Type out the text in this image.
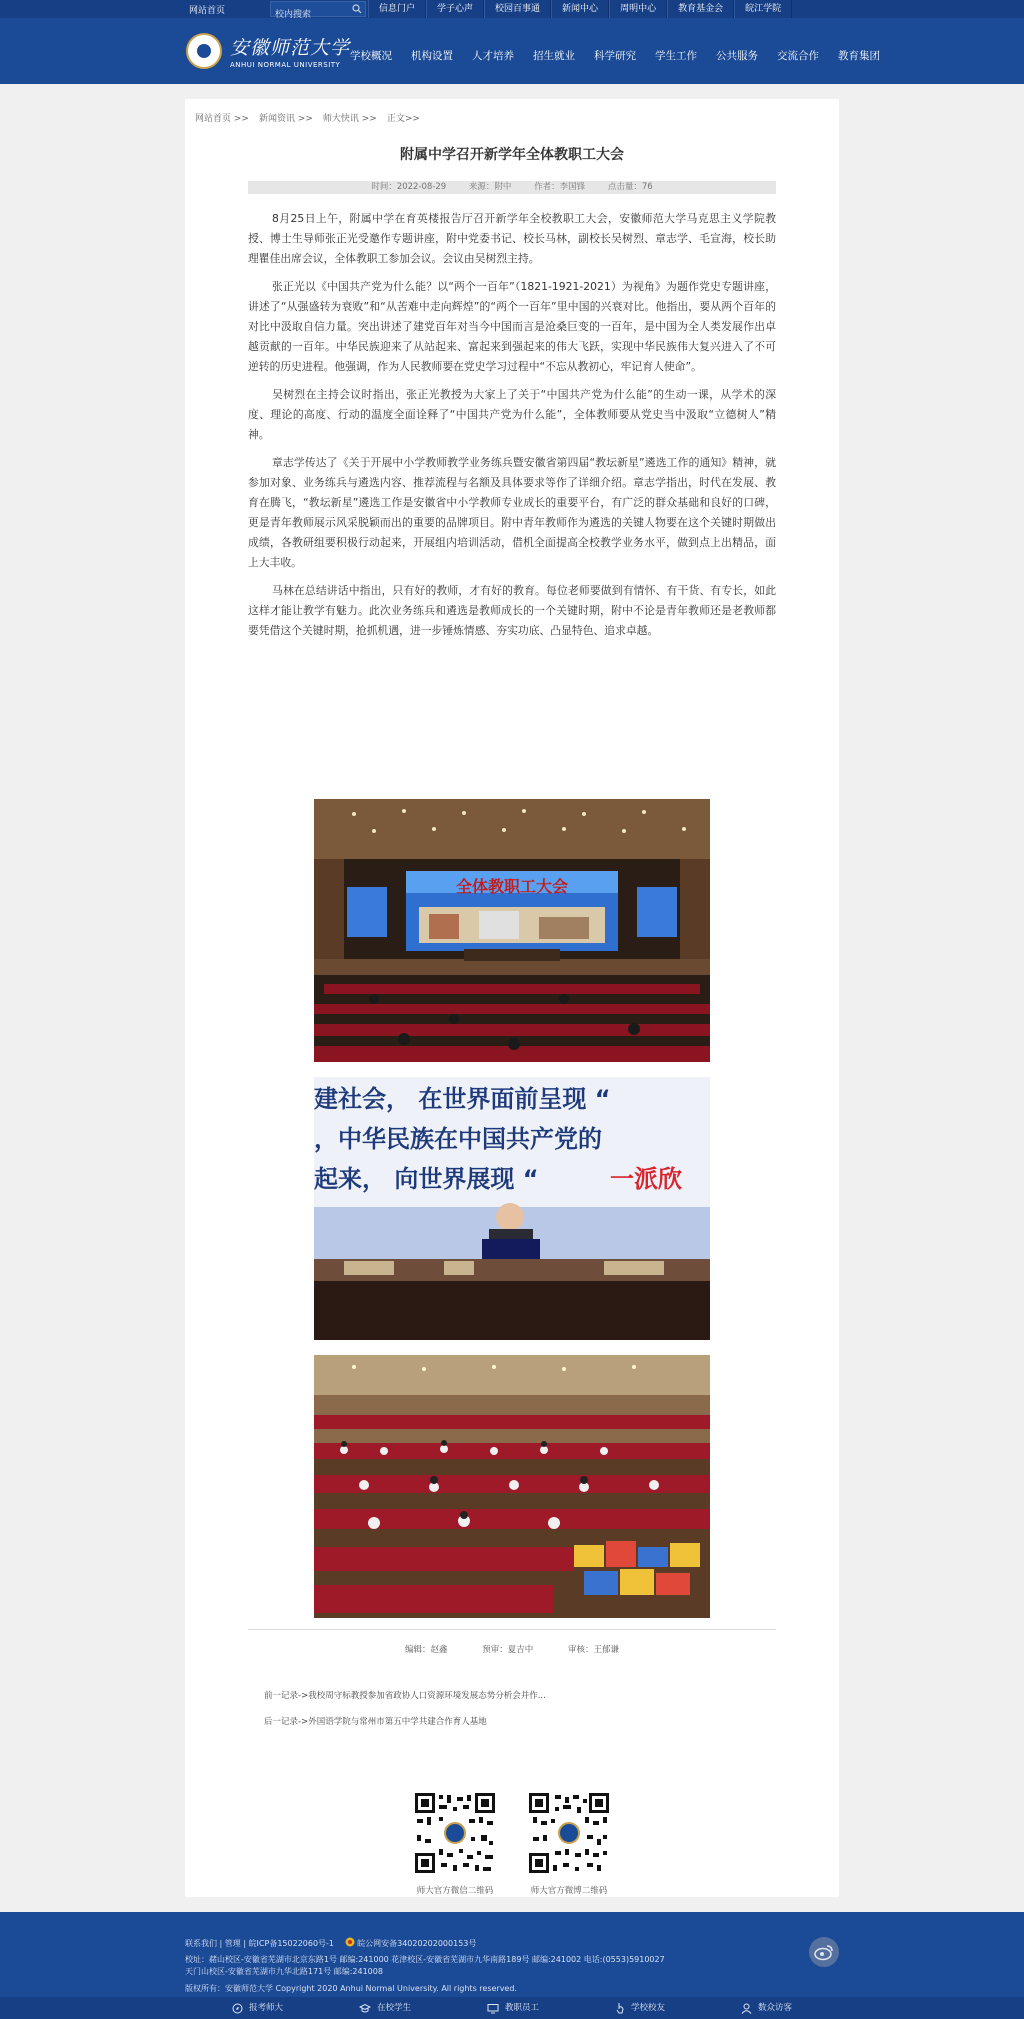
网站首页
校内搜索	信息门户	学子心声	校园百事通	新闻中心	周明中心	教育基金会	皖江学院
安徽师范大学
ANHUI NORMAL UNIVERSITY
学校概况 机构设置 人才培养 招生就业 科学研究 学生工作 公共服务 交流合作 教育集团
网站首页 >> 新闻资讯 >> 师大快讯 >> 正文>>
附属中学召开新学年全体教职工大会
时间：2022-08-29	来源：附中	作者：李国锋	点击量：76

8月25日上午，附属中学在育英楼报告厅召开新学年全校教职工大会，安徽师范大学马克思主义学院教授、博士生导师张正光受邀作专题讲座，附中党委书记、校长马林，副校长吴树烈、章志学、毛宣海，校长助理瞿佳出席会议，全体教职工参加会议。会议由吴树烈主持。

张正光以《中国共产党为什么能？以“两个一百年”（1821-1921-2021）为视角》为题作党史专题讲座，讲述了“从强盛转为衰败”和“从苦难中走向辉煌”的“两个一百年”里中国的兴衰对比。他指出，要从两个百年的对比中汲取自信力量。突出讲述了建党百年对当今中国而言是沧桑巨变的一百年，是中国为全人类发展作出卓越贡献的一百年。中华民族迎来了从站起来、富起来到强起来的伟大飞跃，实现中华民族伟大复兴进入了不可逆转的历史进程。他强调，作为人民教师要在党史学习过程中“不忘从教初心，牢记育人使命”。

吴树烈在主持会议时指出，张正光教授为大家上了关于“中国共产党为什么能”的生动一课，从学术的深度、理论的高度、行动的温度全面诠释了“中国共产党为什么能”，全体教师要从党史当中汲取“立德树人”精神。

章志学传达了《关于开展中小学教师教学业务练兵暨安徽省第四届“教坛新星”遴选工作的通知》精神，就参加对象、业务练兵与遴选内容、推荐流程与名额及具体要求等作了详细介绍。章志学指出，时代在发展、教育在腾飞，“教坛新星”遴选工作是安徽省中小学教师专业成长的重要平台，有广泛的群众基础和良好的口碑，更是青年教师展示风采脱颖而出的重要的品牌项目。附中青年教师作为遴选的关键人物要在这个关键时期做出成绩，各教研组要积极行动起来，开展组内培训活动，借机全面提高全校教学业务水平，做到点上出精品，面上大丰收。

马林在总结讲话中指出，只有好的教师，才有好的教育。每位老师要做到有情怀、有干货、有专长，如此这样才能让教学有魅力。此次业务练兵和遴选是教师成长的一个关键时期，附中不论是青年教师还是老教师都要凭借这个关键时期，抢抓机遇，进一步锤炼情感、夯实功底、凸显特色、追求卓越。

全体教职工大会
建社会， 在世界面前呈现 “
，中华民族在中国共产党的
起来， 向世界展现 “	一派欣
编辑：赵鑫	预审：夏吉中	审核：王郁谦
前一记录->我校周守标教授参加省政协人口资源环境发展态势分析会并作...
后一记录->外国语学院与常州市第五中学共建合作育人基地
师大官方微信二维码	师大官方微博二维码
联系我们 | 管理 | 皖ICP备15022060号-1	皖公网安备34020202000153号
校址：赭山校区-安徽省芜湖市北京东路1号 邮编:241000 花津校区-安徽省芜湖市九华南路189号 邮编:241002 电话:(0553)5910027
天门山校区-安徽省芜湖市九华北路171号 邮编:241008
版权所有：安徽师范大学 Copyright 2020 Anhui Normal University. All rights reserved.
报考师大	在校学生	教职员工	学校校友	数众访客
